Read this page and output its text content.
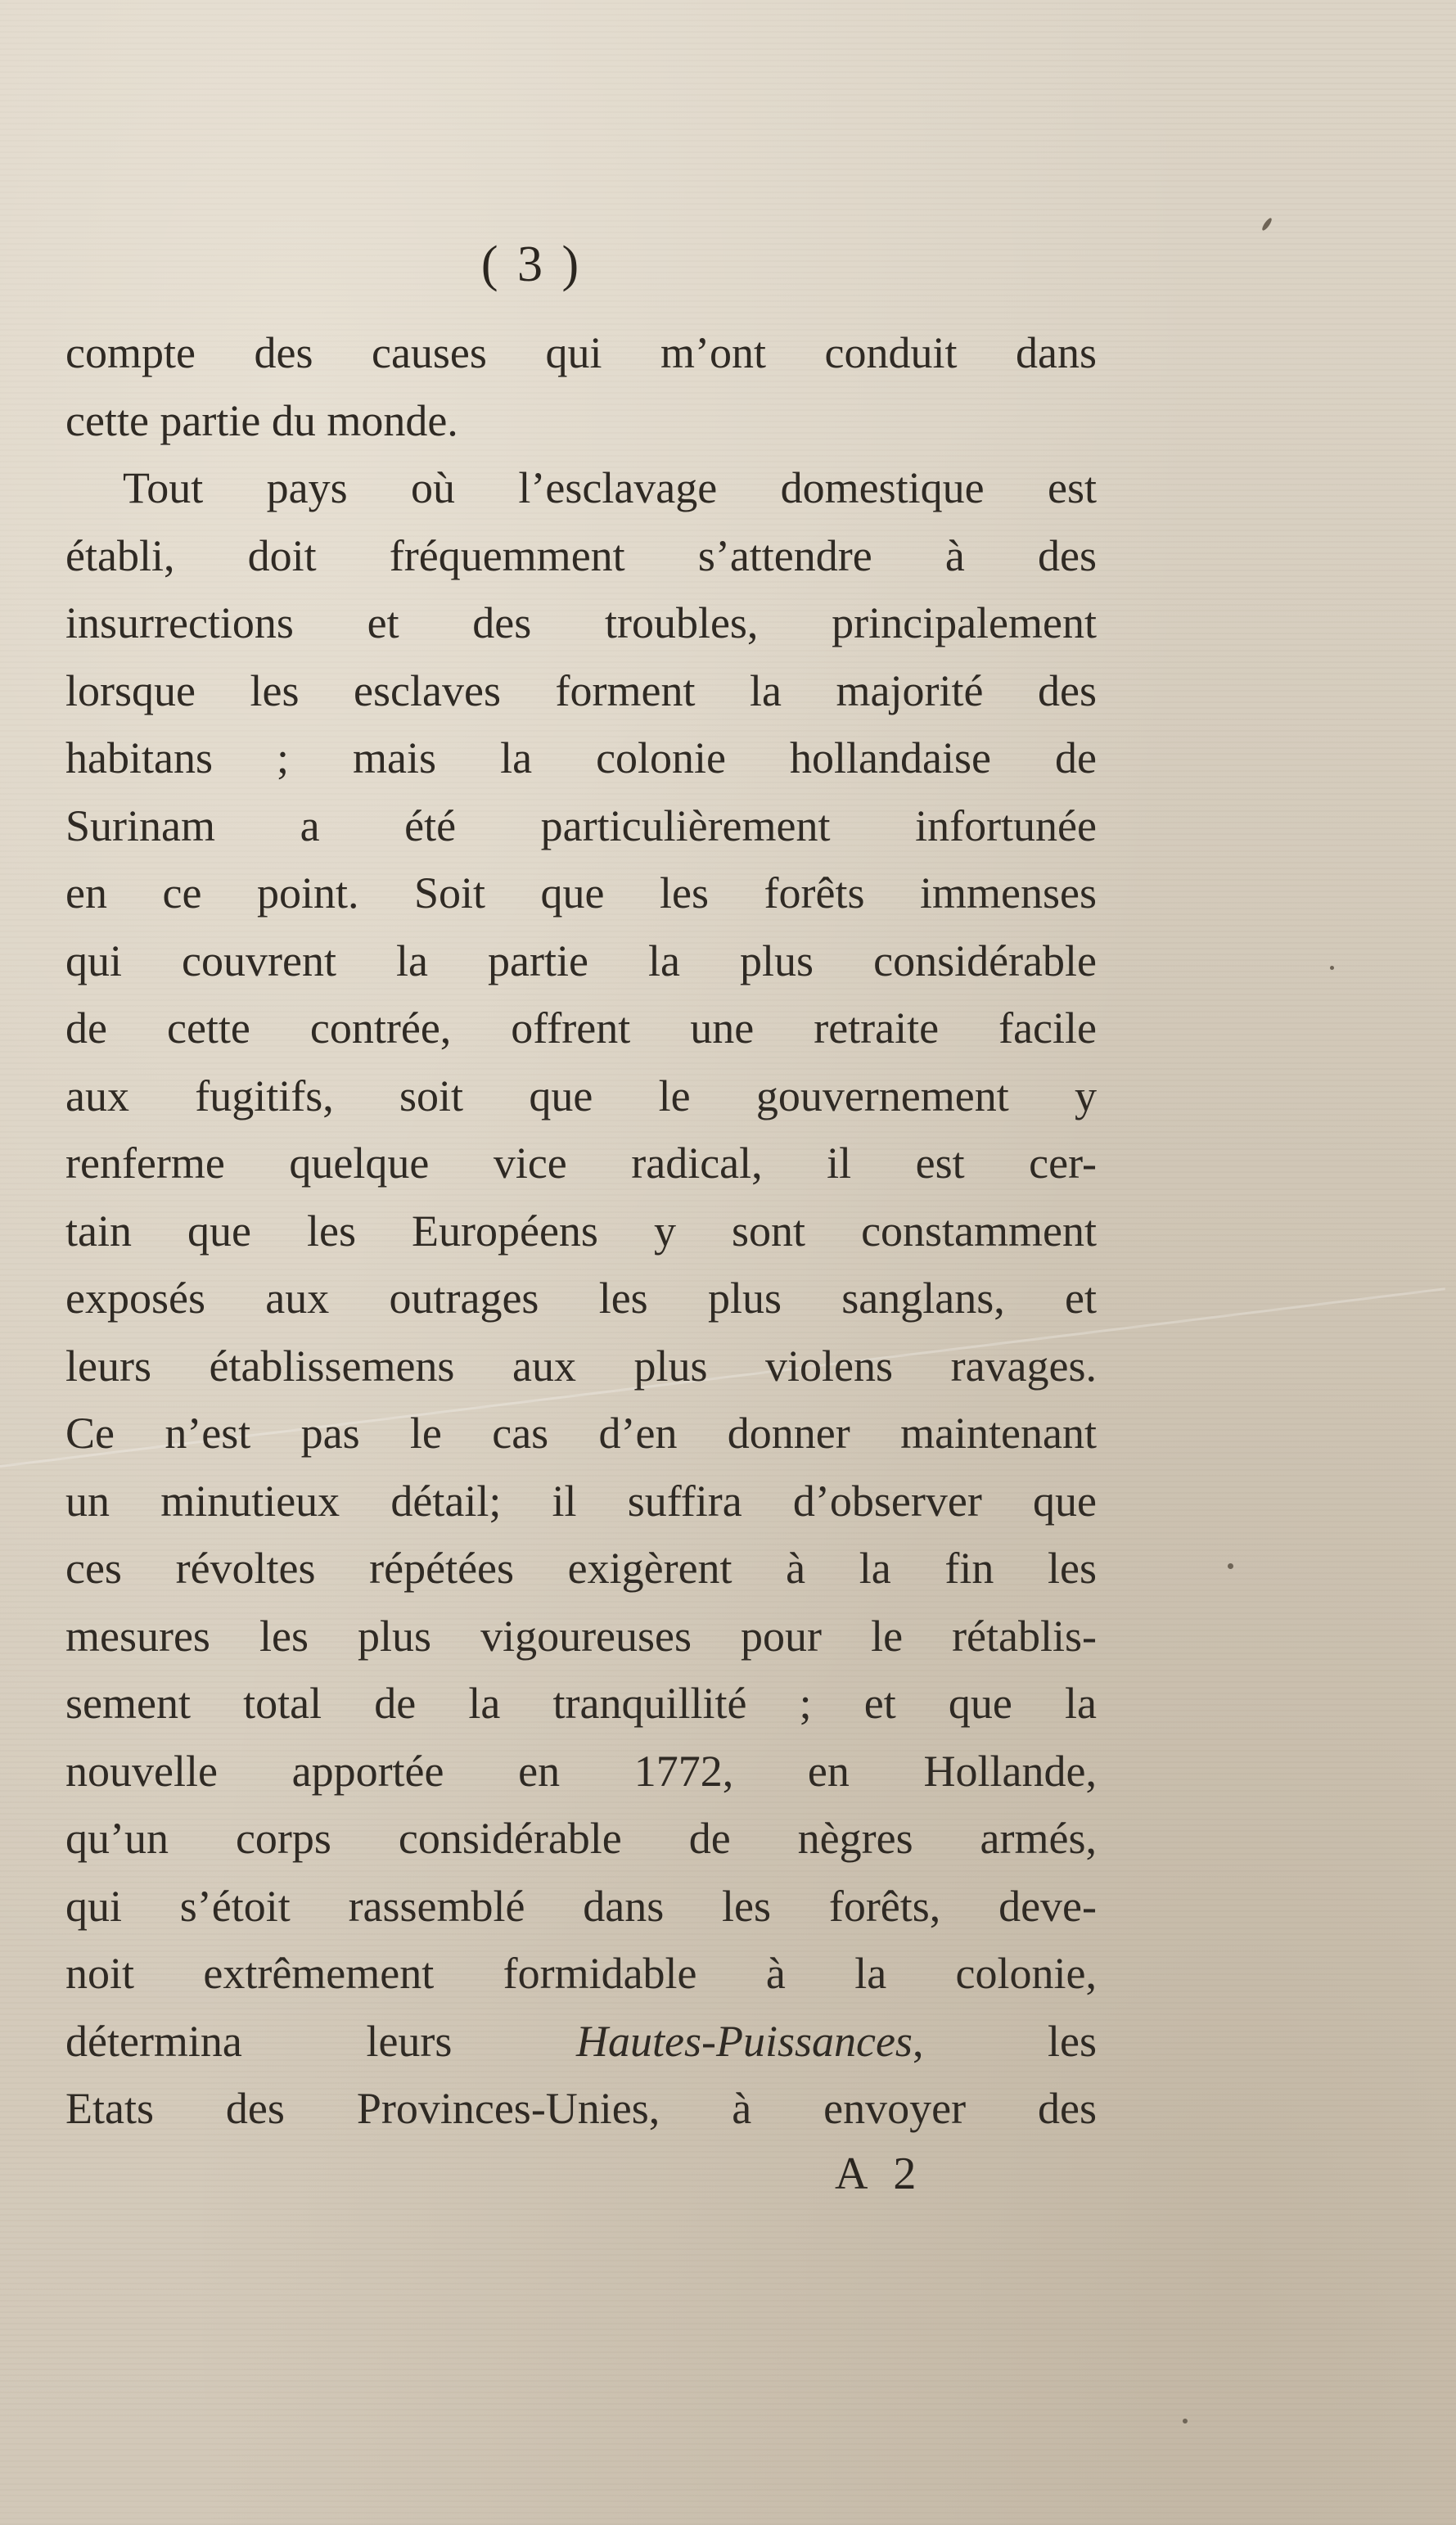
( 3 )
compte des causes qui m’ont conduit dans
cette partie du monde.
Tout pays où l’esclavage domestique est
établi, doit fréquemment s’attendre à des
insurrections et des troubles, principalement
lorsque les esclaves forment la majorité des
habitans ; mais la colonie hollandaise de
Surinam a été particulièrement infortunée
en ce point. Soit que les forêts immenses
qui couvrent la partie la plus considérable
de cette contrée, offrent une retraite facile
aux fugitifs, soit que le gouvernement y
renferme quelque vice radical, il est cer-
tain que les Européens y sont constamment
exposés aux outrages les plus sanglans, et
leurs établissemens aux plus violens ravages.
Ce n’est pas le cas d’en donner maintenant
un minutieux détail; il suffira d’observer que
ces révoltes répétées exigèrent à la fin les
mesures les plus vigoureuses pour le rétablis-
sement total de la tranquillité ; et que la
nouvelle apportée en 1772, en Hollande,
qu’un corps considérable de nègres armés,
qui s’étoit rassemblé dans les forêts, deve-
noit extrêmement formidable à la colonie,
détermina leurs Hautes-Puissances, les
Etats des Provinces-Unies, à envoyer des
A 2
